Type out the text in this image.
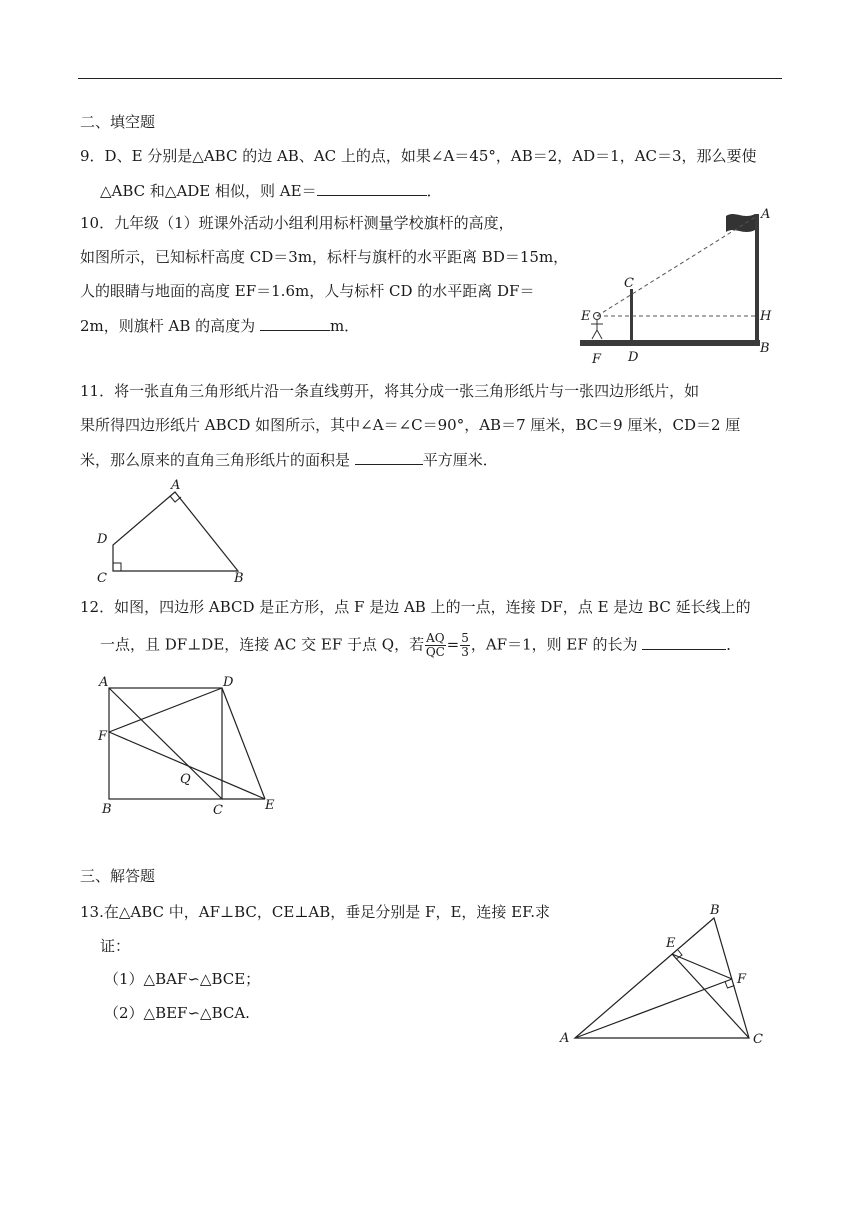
二、填空题
9．D、E 分别是△ABC 的边 AB、AC 上的点，如果∠A＝45°，AB＝2，AD＝1，AC＝3，那么要使
△ABC 和△ADE 相似，则 AE＝	．
10．九年级（1）班课外活动小组利用标杆测量学校旗杆的高度，
如图所示，已知标杆高度 CD＝3m，标杆与旗杆的水平距离 BD＝15m，
人的眼睛与地面的高度 EF＝1.6m，人与标杆 CD 的水平距离 DF＝
2m，则旗杆 AB 的高度为	m．
A
C
E	H
F D
B
11．将一张直角三角形纸片沿一条直线剪开，将其分成一张三角形纸片与一张四边形纸片，如
果所得四边形纸片 ABCD 如图所示，其中∠A＝∠C＝90°，AB＝7 厘米，BC＝9 厘米，CD＝2 厘
米，那么原来的直角三角形纸片的面积是	平方厘米．
A
D
C	B
12．如图，四边形 ABCD 是正方形，点 F 是边 AB 上的一点，连接 DF，点 E 是边 BC 延长线上的
一点，且 DF⊥DE，连接 AC 交 EF 于点 Q，若 $\frac{AQ}{QC} = \frac{5}{3}$ ，AF＝1，则 EF 的长为	．
A	D
F
Q
B	C	E
三、解答题
13.在△ABC 中，AF⊥BC，CE⊥AB，垂足分别是 F，E，连接 EF.求
证：
（1）△BAF∽△BCE；
（2）△BEF∽△BCA.
B
E
F
A	C
